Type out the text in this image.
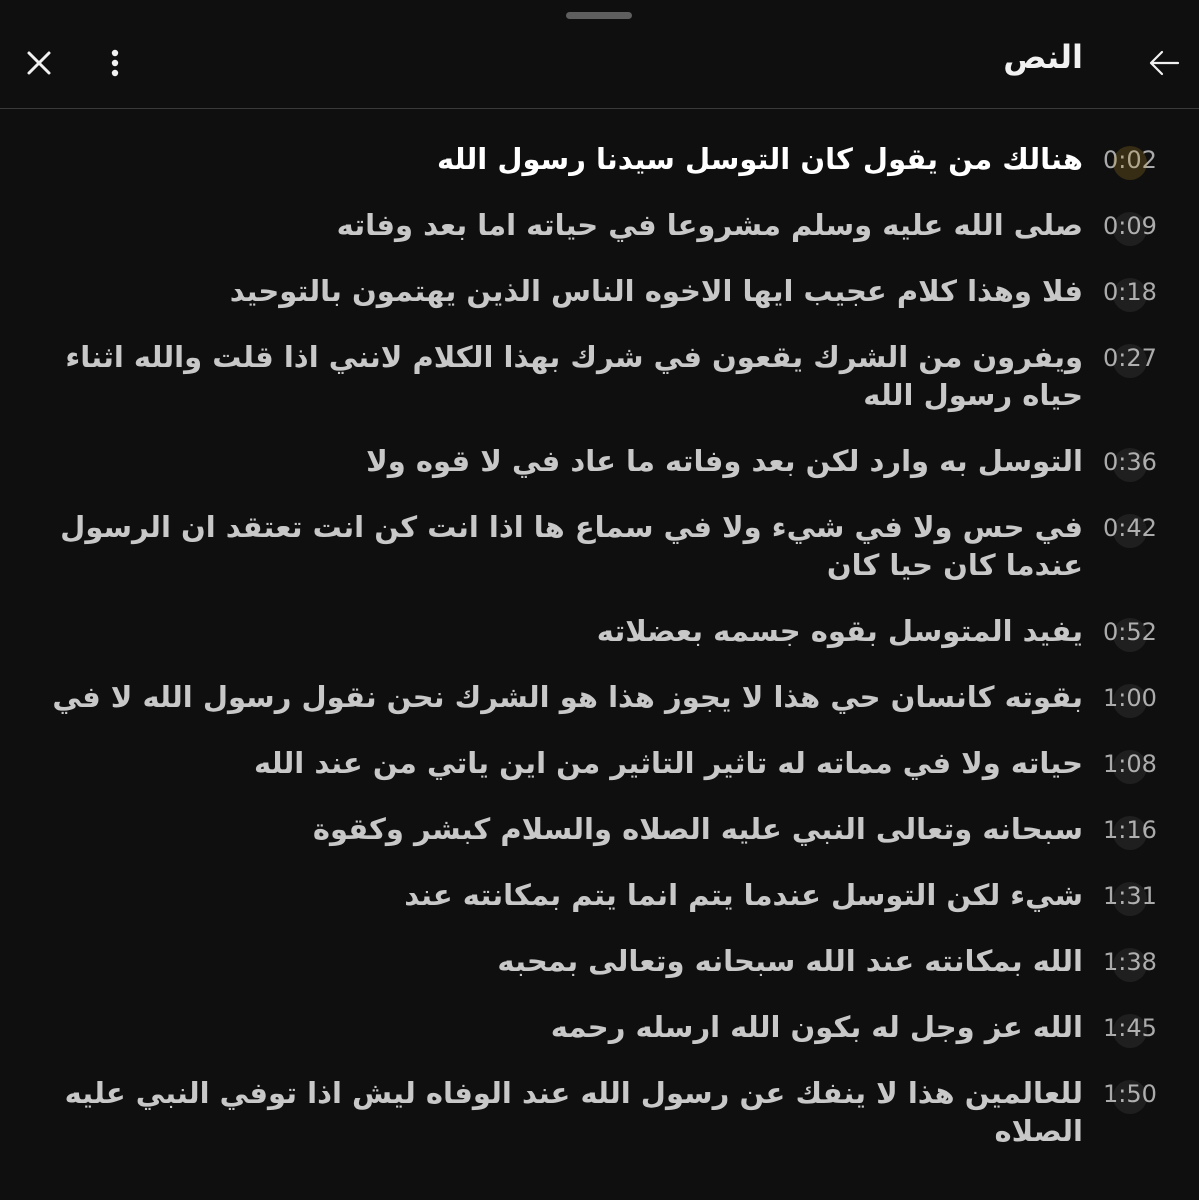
النص
0:02
هنالك من يقول كان التوسل سيدنا رسول الله
0:09
صلى الله عليه وسلم مشروعا في حياته اما بعد وفاته
0:18
فلا وهذا كلام عجيب ايها الاخوه الناس الذين يهتمون بالتوحيد
0:27
ويفرون من الشرك يقعون في شرك بهذا الكلام لانني اذا قلت والله اثناء حياه رسول الله
0:36
التوسل به وارد لكن بعد وفاته ما عاد في لا قوه ولا
0:42
في حس ولا في شيء ولا في سماع ها اذا انت كن انت تعتقد ان الرسول عندما كان حيا كان
0:52
يفيد المتوسل بقوه جسمه بعضلاته
1:00
بقوته كانسان حي هذا لا يجوز هذا هو الشرك نحن نقول رسول الله لا في
1:08
حياته ولا في مماته له تاثير التاثير من اين ياتي من عند الله
1:16
سبحانه وتعالى النبي عليه الصلاه والسلام كبشر وكقوة
1:31
شيء لكن التوسل عندما يتم انما يتم بمكانته عند
1:38
الله بمكانته عند الله سبحانه وتعالى بمحبه
1:45
الله عز وجل له بكون الله ارسله رحمه
1:50
للعالمين هذا لا ينفك عن رسول الله عند الوفاه ليش اذا توفي النبي عليه الصلاه
